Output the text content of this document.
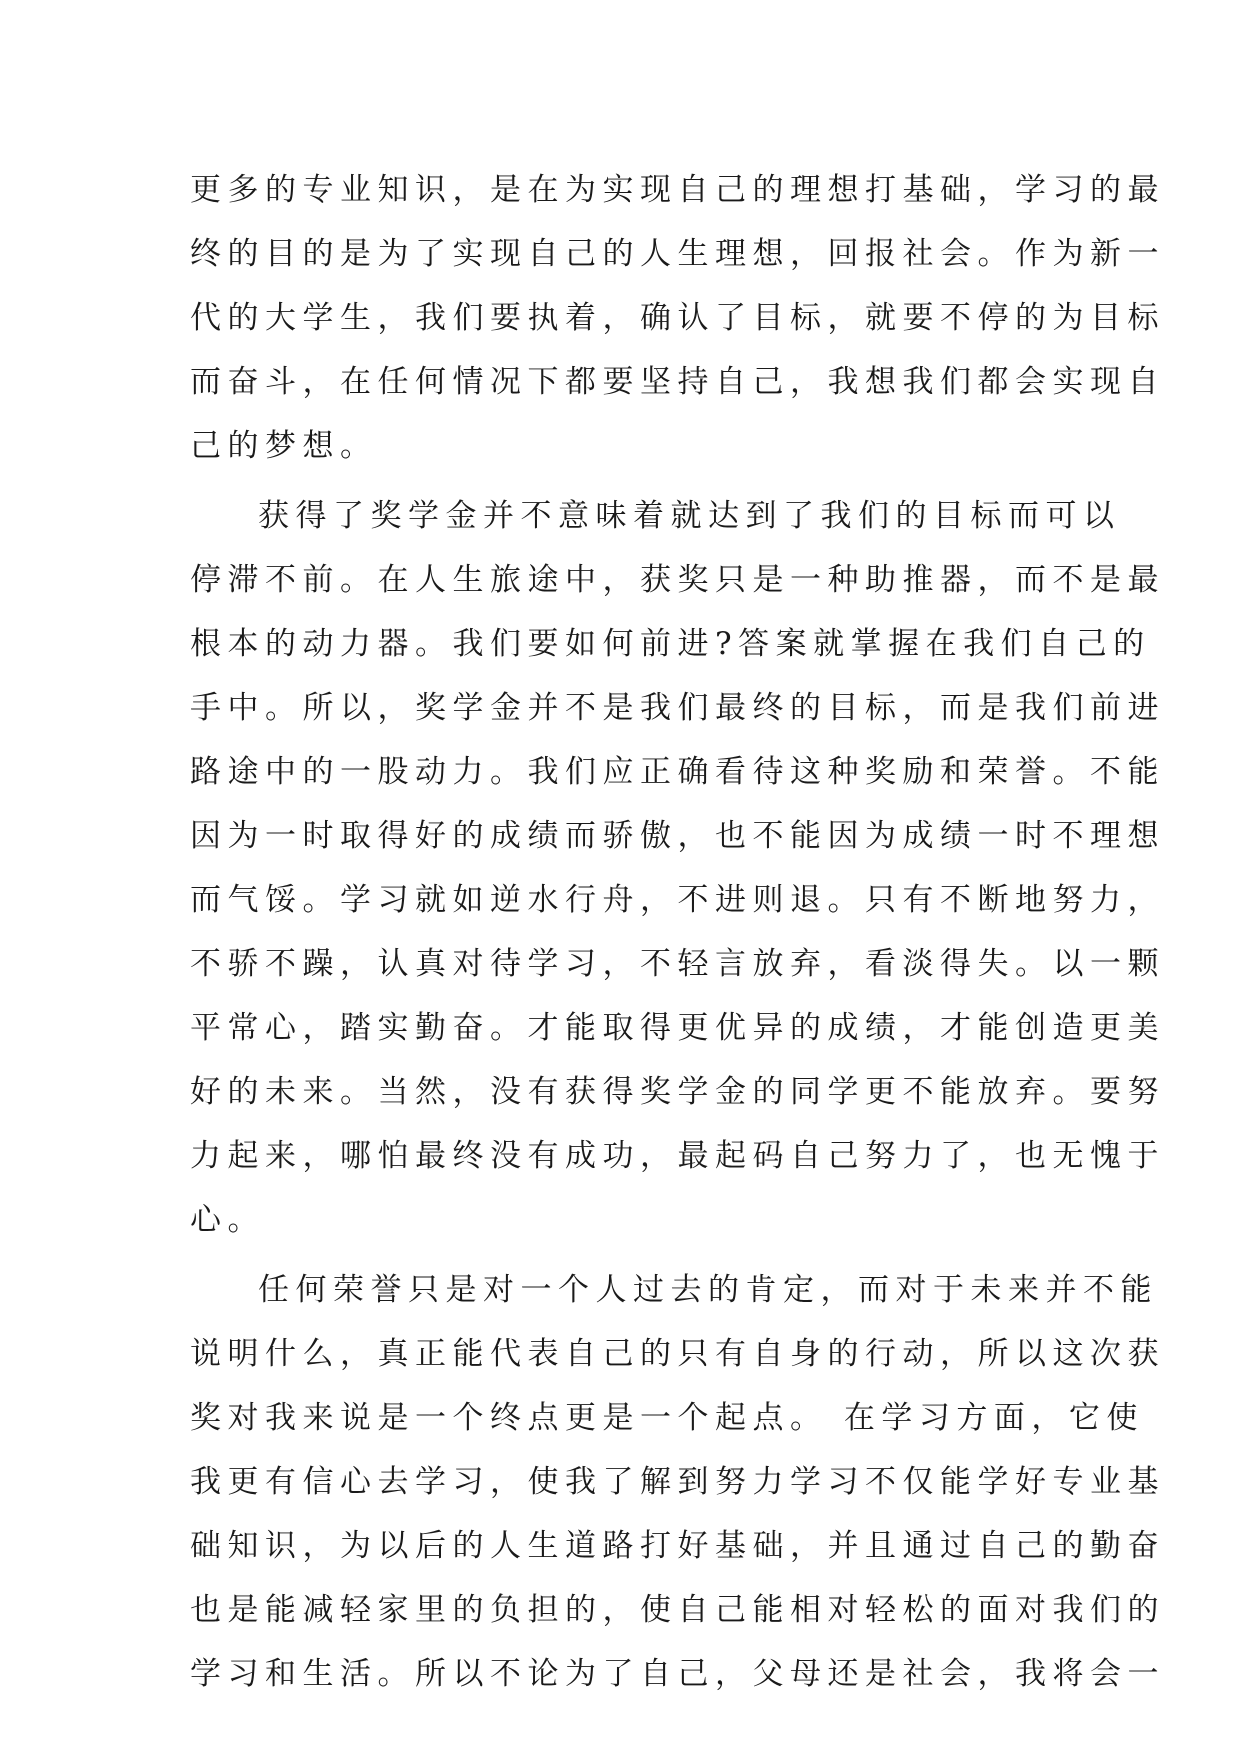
更多的专业知识，是在为实现自己的理想打基础，学习的最
终的目的是为了实现自己的人生理想，回报社会。作为新一
代的大学生，我们要执着，确认了目标，就要不停的为目标
而奋斗，在任何情况下都要坚持自己，我想我们都会实现自
己的梦想。
获得了奖学金并不意味着就达到了我们的目标而可以
停滞不前。在人生旅途中，获奖只是一种助推器，而不是最
根本的动力器。我们要如何前进?答案就掌握在我们自己的
手中。所以，奖学金并不是我们最终的目标，而是我们前进
路途中的一股动力。我们应正确看待这种奖励和荣誉。不能
因为一时取得好的成绩而骄傲，也不能因为成绩一时不理想
而气馁。学习就如逆水行舟，不进则退。只有不断地努力，
不骄不躁，认真对待学习，不轻言放弃，看淡得失。以一颗
平常心，踏实勤奋。才能取得更优异的成绩，才能创造更美
好的未来。当然，没有获得奖学金的同学更不能放弃。要努
力起来，哪怕最终没有成功，最起码自己努力了，也无愧于
心。
任何荣誉只是对一个人过去的肯定，而对于未来并不能
说明什么，真正能代表自己的只有自身的行动，所以这次获
奖对我来说是一个终点更是一个起点。 在学习方面，它使
我更有信心去学习，使我了解到努力学习不仅能学好专业基
础知识，为以后的人生道路打好基础，并且通过自己的勤奋
也是能减轻家里的负担的，使自己能相对轻松的面对我们的
学习和生活。所以不论为了自己，父母还是社会，我将会一
